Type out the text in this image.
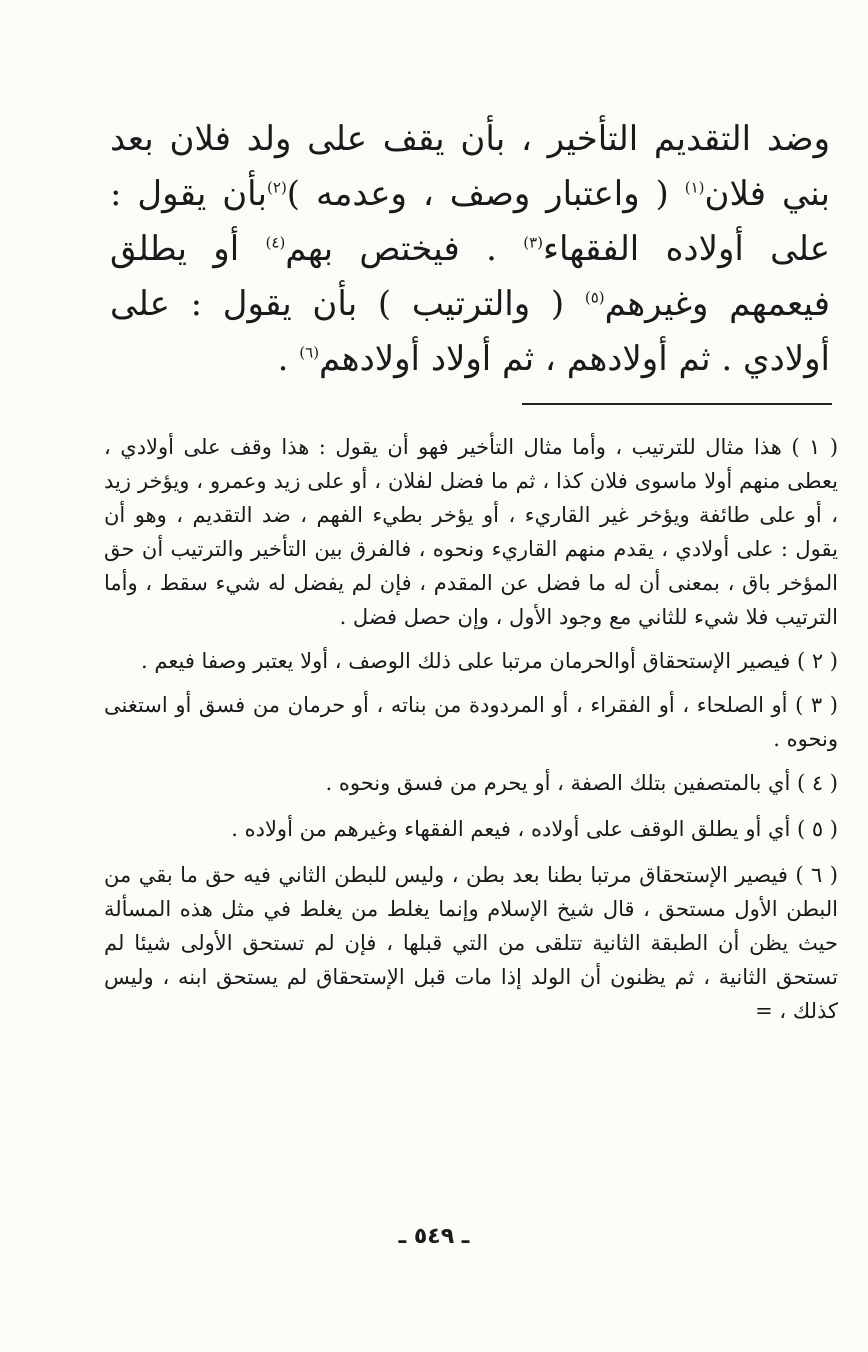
وضد التقديم التأخير ، بأن يقف على ولد فلان بعد بني فلان$^{(١)}$ ( واعتبار وصف ، وعدمه )$^{(٢)}$بأن يقول : على أولاده الفقهاء$^{(٣)}$ . فيختص بهم$^{(٤)}$ أو يطلق فيعمهم وغيرهم$^{(٥)}$ ( والترتيب ) بأن يقول : على أولادي . ثم أولادهم ، ثم أولاد أولادهم$^{(٦)}$ .

( ١ ) هذا مثال للترتيب ، وأما مثال التأخير فهو أن يقول : هذا وقف على أولادي ، يعطى منهم أولا ماسوى فلان كذا ، ثم ما فضل لفلان ، أو على زيد وعمرو ، ويؤخر زيد ، أو على طائفة ويؤخر غير القاريء ، أو يؤخر بطيء الفهم ، ضد التقديم ، وهو أن يقول : على أولادي ، يقدم منهم القاريء ونحوه ، فالفرق بين التأخير والترتيب أن حق المؤخر باق ، بمعنى أن له ما فضل عن المقدم ، فإن لم يفضل له شيء سقط ، وأما الترتيب فلا شيء للثاني مع وجود الأول ، وإن حصل فضل .

( ٢ ) فيصير الإستحقاق أوالحرمان مرتبا على ذلك الوصف ، أولا يعتبر وصفا فيعم .

( ٣ ) أو الصلحاء ، أو الفقراء ، أو المردودة من بناته ، أو حرمان من فسق أو استغنى ونحوه .

( ٤ ) أي بالمتصفين بتلك الصفة ، أو يحرم من فسق ونحوه .

( ٥ ) أي أو يطلق الوقف على أولاده ، فيعم الفقهاء وغيرهم من أولاده .

( ٦ ) فيصير الإستحقاق مرتبا بطنا بعد بطن ، وليس للبطن الثاني فيه حق ما بقي من البطن الأول مستحق ، قال شيخ الإسلام وإنما يغلط من يغلط في مثل هذه المسألة حيث يظن أن الطبقة الثانية تتلقى من التي قبلها ، فإن لم تستحق الأولى شيئا لم تستحق الثانية ، ثم يظنون أن الولد إذا مات قبل الإستحقاق لم يستحق ابنه ، وليس كذلك ، =

ـ ٥٤٩ ـ
